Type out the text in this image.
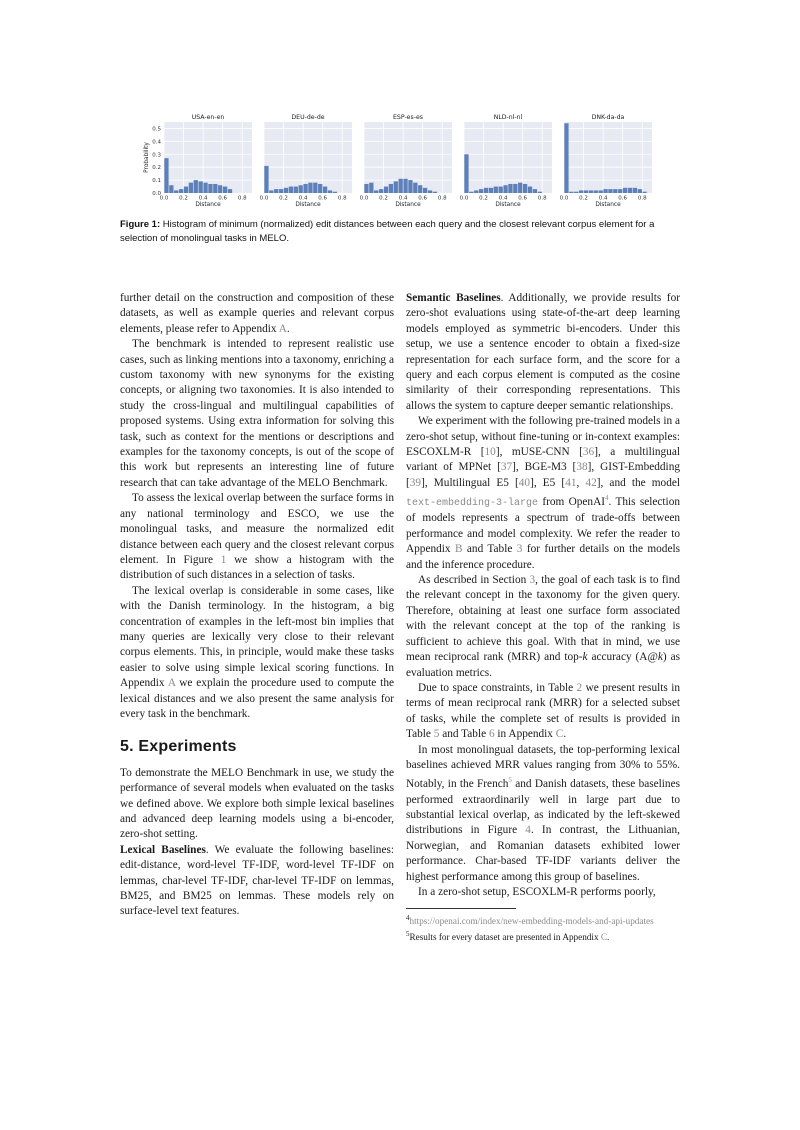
USA-en-en
0.0 0.2 0.4 0.6 0.8
Distance
0.0
0.1
0.2
0.3
0.4
0.5
Probability
DEU-de-de
0.0 0.2 0.4 0.6 0.8
Distance
ESP-es-es
0.0 0.2 0.4 0.6 0.8
Distance
NLD-nl-nl
0.0 0.2 0.4 0.6 0.8
Distance
DNK-da-da
0.0 0.2 0.4 0.6 0.8
Distance
Figure 1: Histogram of minimum (normalized) edit distances between each query and the closest relevant corpus element for a selection of monolingual tasks in MELO.

further detail on the construction and composition of these datasets, as well as example queries and relevant corpus elements, please refer to Appendix A.

The benchmark is intended to represent realistic use cases, such as linking mentions into a taxonomy, enriching a custom taxonomy with new synonyms for the existing concepts, or aligning two taxonomies. It is also intended to study the cross-lingual and multilingual capabilities of proposed systems. Using extra information for solving this task, such as context for the mentions or descriptions and examples for the taxonomy concepts, is out of the scope of this work but represents an interesting line of future research that can take advantage of the MELO Benchmark.

To assess the lexical overlap between the surface forms in any national terminology and ESCO, we use the monolingual tasks, and measure the normalized edit distance between each query and the closest relevant corpus element. In Figure 1 we show a histogram with the distribution of such distances in a selection of tasks.

The lexical overlap is considerable in some cases, like with the Danish terminology. In the histogram, a big concentration of examples in the left-most bin implies that many queries are lexically very close to their relevant corpus elements. This, in principle, would make these tasks easier to solve using simple lexical scoring functions. In Appendix A we explain the procedure used to compute the lexical distances and we also present the same analysis for every task in the benchmark.

5. Experiments

To demonstrate the MELO Benchmark in use, we study the performance of several models when evaluated on the tasks we defined above. We explore both simple lexical baselines and advanced deep learning models using a bi-encoder, zero-shot setting.

Lexical Baselines. We evaluate the following baselines: edit-distance, word-level TF-IDF, word-level TF-IDF on lemmas, char-level TF-IDF, char-level TF-IDF on lemmas, BM25, and BM25 on lemmas. These models rely on surface-level text features.

Semantic Baselines. Additionally, we provide results for zero-shot evaluations using state-of-the-art deep learning models employed as symmetric bi-encoders. Under this setup, we use a sentence encoder to obtain a fixed-size representation for each surface form, and the score for a query and each corpus element is computed as the cosine similarity of their corresponding representations. This allows the system to capture deeper semantic relationships.

We experiment with the following pre-trained models in a zero-shot setup, without fine-tuning or in-context examples: ESCOXLM-R [10], mUSE-CNN [36], a multilingual variant of MPNet [37], BGE-M3 [38], GIST-Embedding [39], Multilingual E5 [40], E5 [41, 42], and the model text-embedding-3-large from OpenAI$^4$. This selection of models represents a spectrum of trade-offs between performance and model complexity. We refer the reader to Appendix B and Table 3 for further details on the models and the inference procedure.

As described in Section 3, the goal of each task is to find the relevant concept in the taxonomy for the given query. Therefore, obtaining at least one surface form associated with the relevant concept at the top of the ranking is sufficient to achieve this goal. With that in mind, we use mean reciprocal rank (MRR) and top-k accuracy (A@k) as evaluation metrics.

Due to space constraints, in Table 2 we present results in terms of mean reciprocal rank (MRR) for a selected subset of tasks, while the complete set of results is provided in Table 5 and Table 6 in Appendix C.

In most monolingual datasets, the top-performing lexical baselines achieved MRR values ranging from 30% to 55%. Notably, in the French$^5$ and Danish datasets, these baselines performed extraordinarily well in large part due to substantial lexical overlap, as indicated by the left-skewed distributions in Figure 4. In contrast, the Lithuanian, Norwegian, and Romanian datasets exhibited lower performance. Char-based TF-IDF variants deliver the highest performance among this group of baselines.

In a zero-shot setup, ESCOXLM-R performs poorly,

$^4$https://openai.com/index/new-embedding-models-and-api-updates

$^5$Results for every dataset are presented in Appendix C.
